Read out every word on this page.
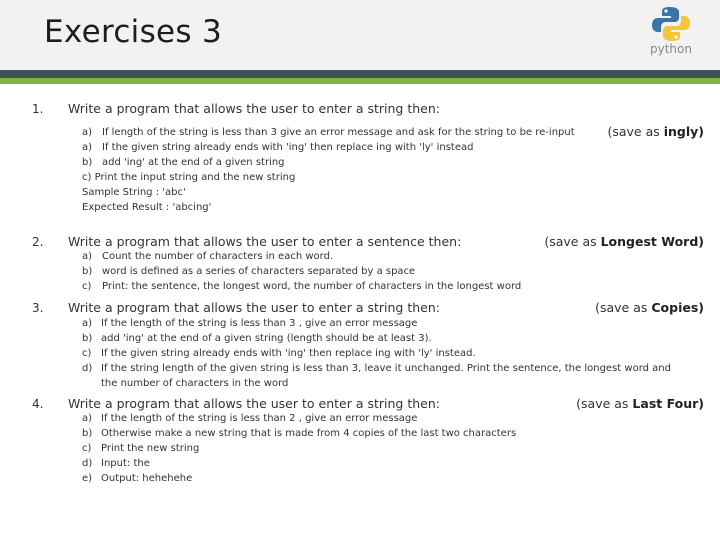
Exercises 3	python
1. Write a program that allows the user to enter a string then:
(save as ingly)
a) If length of the string is less than 3 give an error message and ask for the string to be re-input
a) If the given string already ends with 'ing' then replace ing with 'ly' instead
b) add 'ing' at the end of a given string
c) Print the input string and the new string
Sample String : 'abc'
Expected Result : 'abcing'
2. Write a program that allows the user to enter a sentence then:	(save as Longest Word)
a) Count the number of characters in each word.
b) word is defined as a series of characters separated by a space
c) Print: the sentence, the longest word, the number of characters in the longest word
3. Write a program that allows the user to enter a string then:	(save as Copies)
a) If the length of the string is less than 3 , give an error message
b) add 'ing' at the end of a given string (length should be at least 3).
c) If the given string already ends with 'ing' then replace ing with 'ly' instead.
d) If the string length of the given string is less than 3, leave it unchanged. Print the sentence, the longest word and
the number of characters in the word
4. Write a program that allows the user to enter a string then:	(save as Last Four)
a) If the length of the string is less than 2 , give an error message
b) Otherwise make a new string that is made from 4 copies of the last two characters
c) Print the new string
d) Input: the
e) Output: hehehehe
